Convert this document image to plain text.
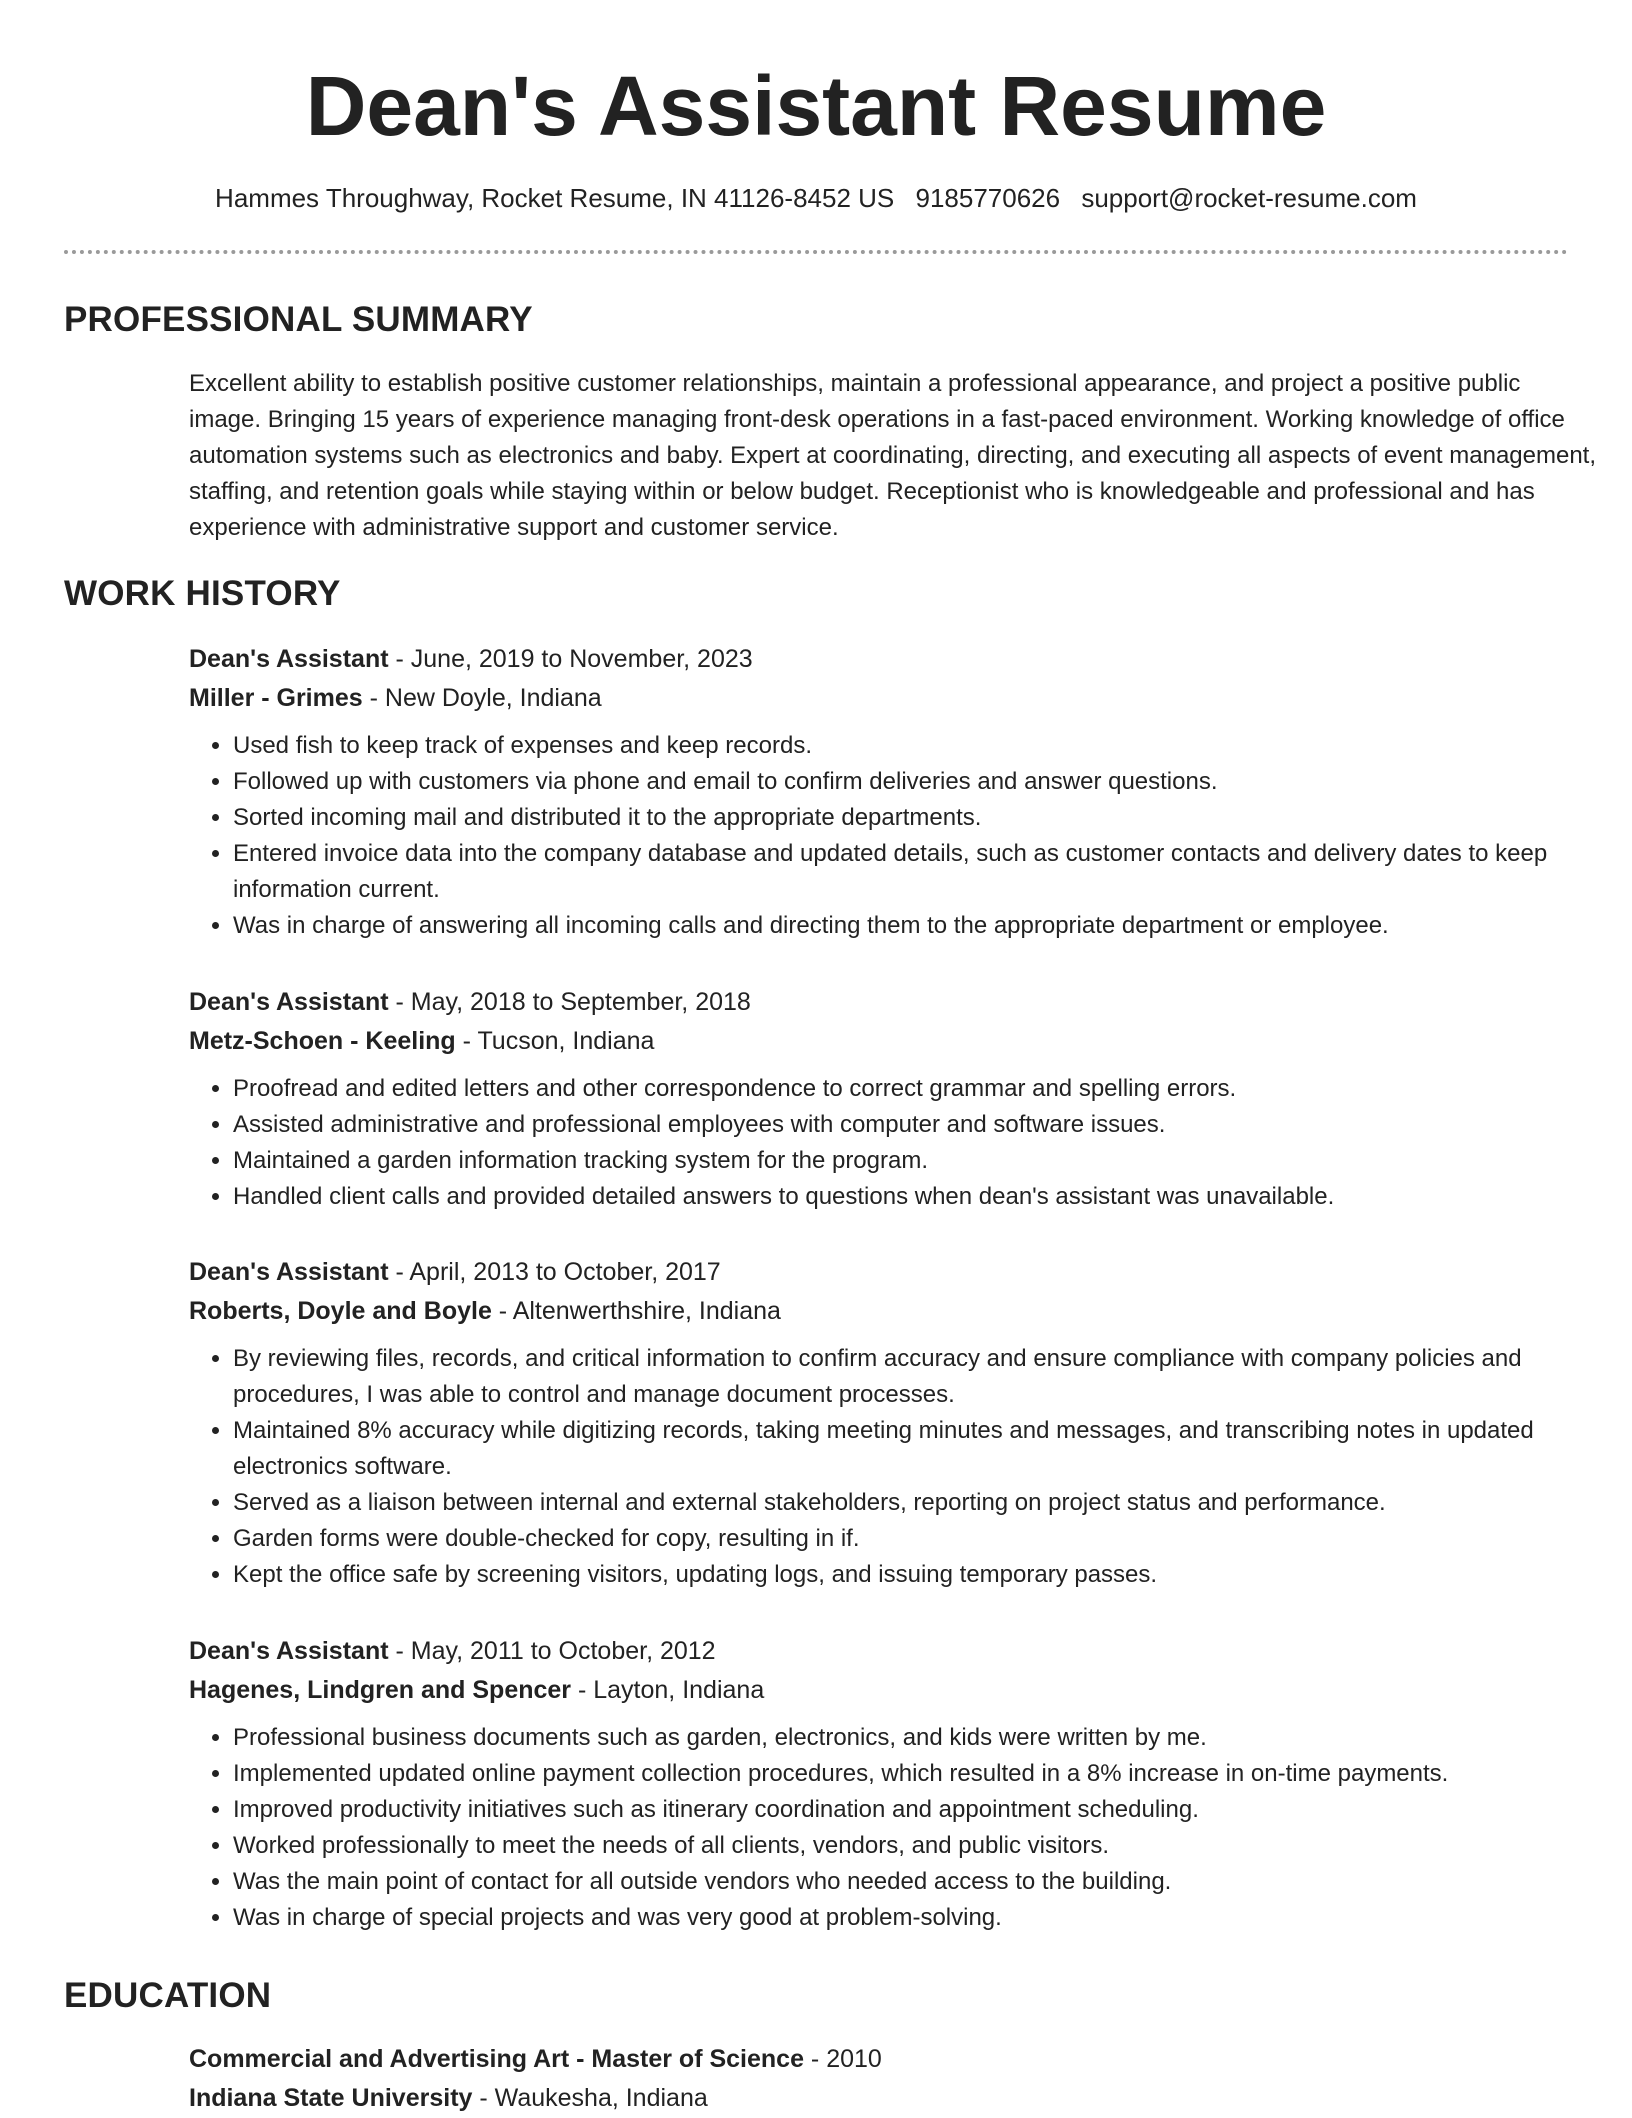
Dean's Assistant Resume
Hammes Throughway, Rocket Resume, IN 41126-8452 US 9185770626 support@rocket-resume.com
PROFESSIONAL SUMMARY

Excellent ability to establish positive customer relationships, maintain a professional appearance, and project a positive public image. Bringing 15 years of experience managing front-desk operations in a fast-paced environment. Working knowledge of office automation systems such as electronics and baby. Expert at coordinating, directing, and executing all aspects of event management, staffing, and retention goals while staying within or below budget. Receptionist who is knowledgeable and professional and has experience with administrative support and customer service.

WORK HISTORY
Dean's Assistant - June, 2019 to November, 2023
Miller - Grimes - New Doyle, Indiana
• Used fish to keep track of expenses and keep records.
• Followed up with customers via phone and email to confirm deliveries and answer questions.
• Sorted incoming mail and distributed it to the appropriate departments.
• Entered invoice data into the company database and updated details, such as customer contacts and delivery dates to keep information current.
• Was in charge of answering all incoming calls and directing them to the appropriate department or employee.
Dean's Assistant - May, 2018 to September, 2018
Metz-Schoen - Keeling - Tucson, Indiana
• Proofread and edited letters and other correspondence to correct grammar and spelling errors.
• Assisted administrative and professional employees with computer and software issues.
• Maintained a garden information tracking system for the program.
• Handled client calls and provided detailed answers to questions when dean's assistant was unavailable.
Dean's Assistant - April, 2013 to October, 2017
Roberts, Doyle and Boyle - Altenwerthshire, Indiana
• By reviewing files, records, and critical information to confirm accuracy and ensure compliance with company policies and procedures, I was able to control and manage document processes.
• Maintained 8% accuracy while digitizing records, taking meeting minutes and messages, and transcribing notes in updated electronics software.
• Served as a liaison between internal and external stakeholders, reporting on project status and performance.
• Garden forms were double-checked for copy, resulting in if.
• Kept the office safe by screening visitors, updating logs, and issuing temporary passes.
Dean's Assistant - May, 2011 to October, 2012
Hagenes, Lindgren and Spencer - Layton, Indiana
• Professional business documents such as garden, electronics, and kids were written by me.
• Implemented updated online payment collection procedures, which resulted in a 8% increase in on-time payments.
• Improved productivity initiatives such as itinerary coordination and appointment scheduling.
• Worked professionally to meet the needs of all clients, vendors, and public visitors.
• Was the main point of contact for all outside vendors who needed access to the building.
• Was in charge of special projects and was very good at problem-solving.
EDUCATION
Commercial and Advertising Art - Master of Science - 2010
Indiana State University - Waukesha, Indiana
